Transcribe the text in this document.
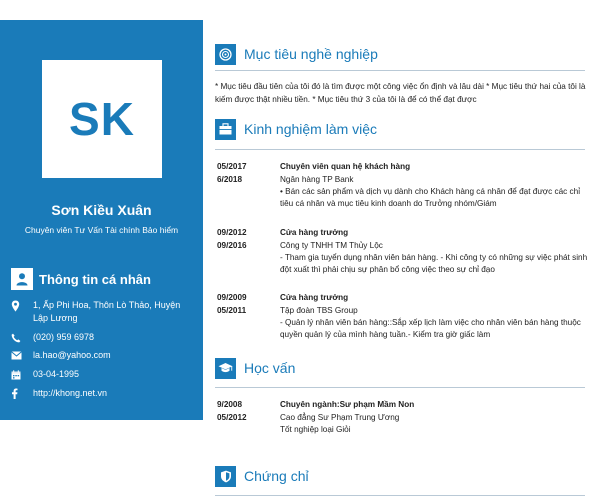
SK
Sơn Kiều Xuân
Chuyên viên Tư Vấn Tài chính Bảo hiểm
Thông tin cá nhân
1, Ấp Phi Hoa, Thôn Lò Thảo, Huyện Lập Lương
(020) 959 6978
la.hao@yahoo.com
03-04-1995
http://khong.net.vn
Mục tiêu nghề nghiệp
* Mục tiêu đầu tiên của tôi đó là tìm được một công việc ổn định và lâu dài * Mục tiêu thứ hai của tôi là kiếm được thật nhiều tiền. * Mục tiêu thứ 3 của tôi là để có thể đạt được
Kinh nghiệm làm việc
05/2017
6/2018
Chuyên viên quan hệ khách hàng
Ngân hàng TP Bank
• Bán các sản phẩm và dịch vụ dành cho Khách hàng cá nhân để đạt được các chỉ tiêu cá nhân và mục tiêu kinh doanh do Trưởng nhóm/Giám
09/2012
09/2016
Cửa hàng trưởng
Công ty TNHH TM Thủy Lộc
- Tham gia tuyển dụng nhân viên bán hàng. - Khi công ty có những sự việc phát sinh đột xuất thì phải chịu sự phân bổ công việc theo sự chỉ đạo
09/2009
05/2011
Cửa hàng trưởng
Tập đoàn TBS Group
- Quản lý nhân viên bán hàng::Sắp xếp lịch làm việc cho nhân viên bán hàng thuộc quyền quản lý của mình hàng tuần.- Kiểm tra giờ giấc làm
Học vấn
9/2008
05/2012
Chuyên ngành:Sư phạm Mầm Non
Cao đẳng Sư Phạm Trung Ương
Tốt nghiệp loại Giỏi
Chứng chỉ
